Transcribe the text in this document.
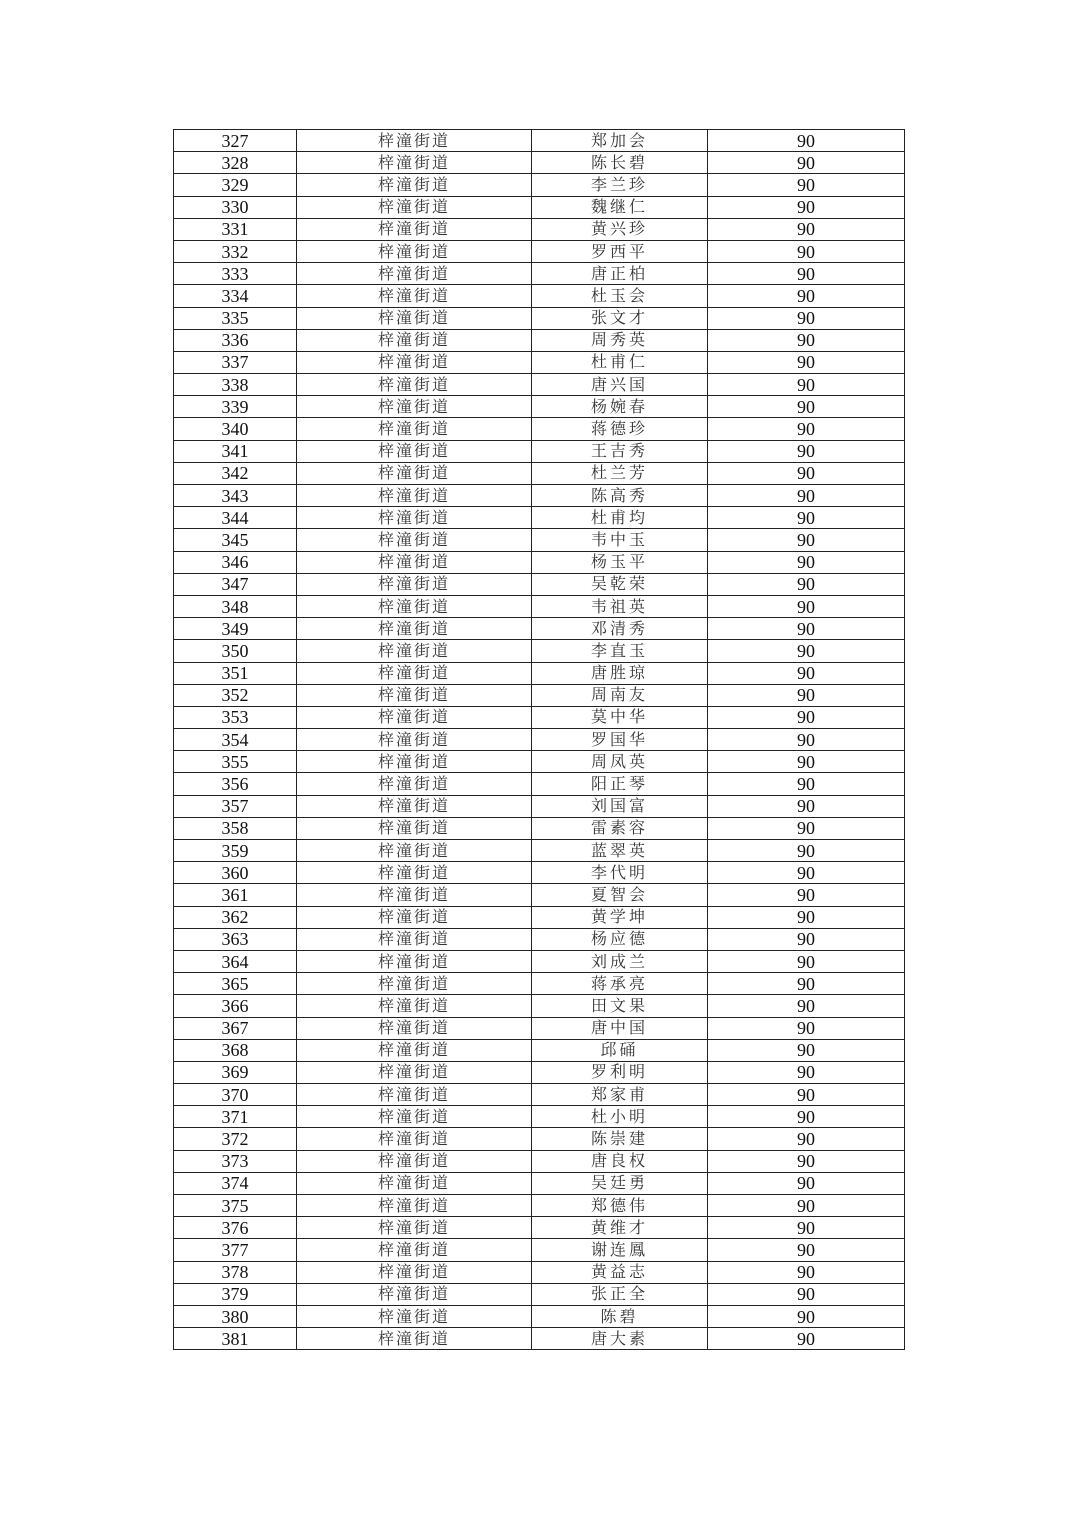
327	梓潼街道	郑加会	90
328	梓潼街道	陈长碧	90
329	梓潼街道	李兰珍	90
330	梓潼街道	魏继仁	90
331	梓潼街道	黄兴珍	90
332	梓潼街道	罗西平	90
333	梓潼街道	唐正柏	90
334	梓潼街道	杜玉会	90
335	梓潼街道	张文才	90
336	梓潼街道	周秀英	90
337	梓潼街道	杜甫仁	90
338	梓潼街道	唐兴国	90
339	梓潼街道	杨婉春	90
340	梓潼街道	蒋德珍	90
341	梓潼街道	王吉秀	90
342	梓潼街道	杜兰芳	90
343	梓潼街道	陈高秀	90
344	梓潼街道	杜甫均	90
345	梓潼街道	韦中玉	90
346	梓潼街道	杨玉平	90
347	梓潼街道	吴乾荣	90
348	梓潼街道	韦祖英	90
349	梓潼街道	邓清秀	90
350	梓潼街道	李直玉	90
351	梓潼街道	唐胜琼	90
352	梓潼街道	周南友	90
353	梓潼街道	莫中华	90
354	梓潼街道	罗国华	90
355	梓潼街道	周凤英	90
356	梓潼街道	阳正琴	90
357	梓潼街道	刘国富	90
358	梓潼街道	雷素容	90
359	梓潼街道	蓝翠英	90
360	梓潼街道	李代明	90
361	梓潼街道	夏智会	90
362	梓潼街道	黄学坤	90
363	梓潼街道	杨应德	90
364	梓潼街道	刘成兰	90
365	梓潼街道	蒋承亮	90
366	梓潼街道	田文果	90
367	梓潼街道	唐中国	90
368	梓潼街道	邱硧	90
369	梓潼街道	罗利明	90
370	梓潼街道	郑家甫	90
371	梓潼街道	杜小明	90
372	梓潼街道	陈崇建	90
373	梓潼街道	唐良权	90
374	梓潼街道	吴廷勇	90
375	梓潼街道	郑德伟	90
376	梓潼街道	黄维才	90
377	梓潼街道	谢连鳳	90
378	梓潼街道	黄益志	90
379	梓潼街道	张正全	90
380	梓潼街道	陈碧	90
381	梓潼街道	唐大素	90
